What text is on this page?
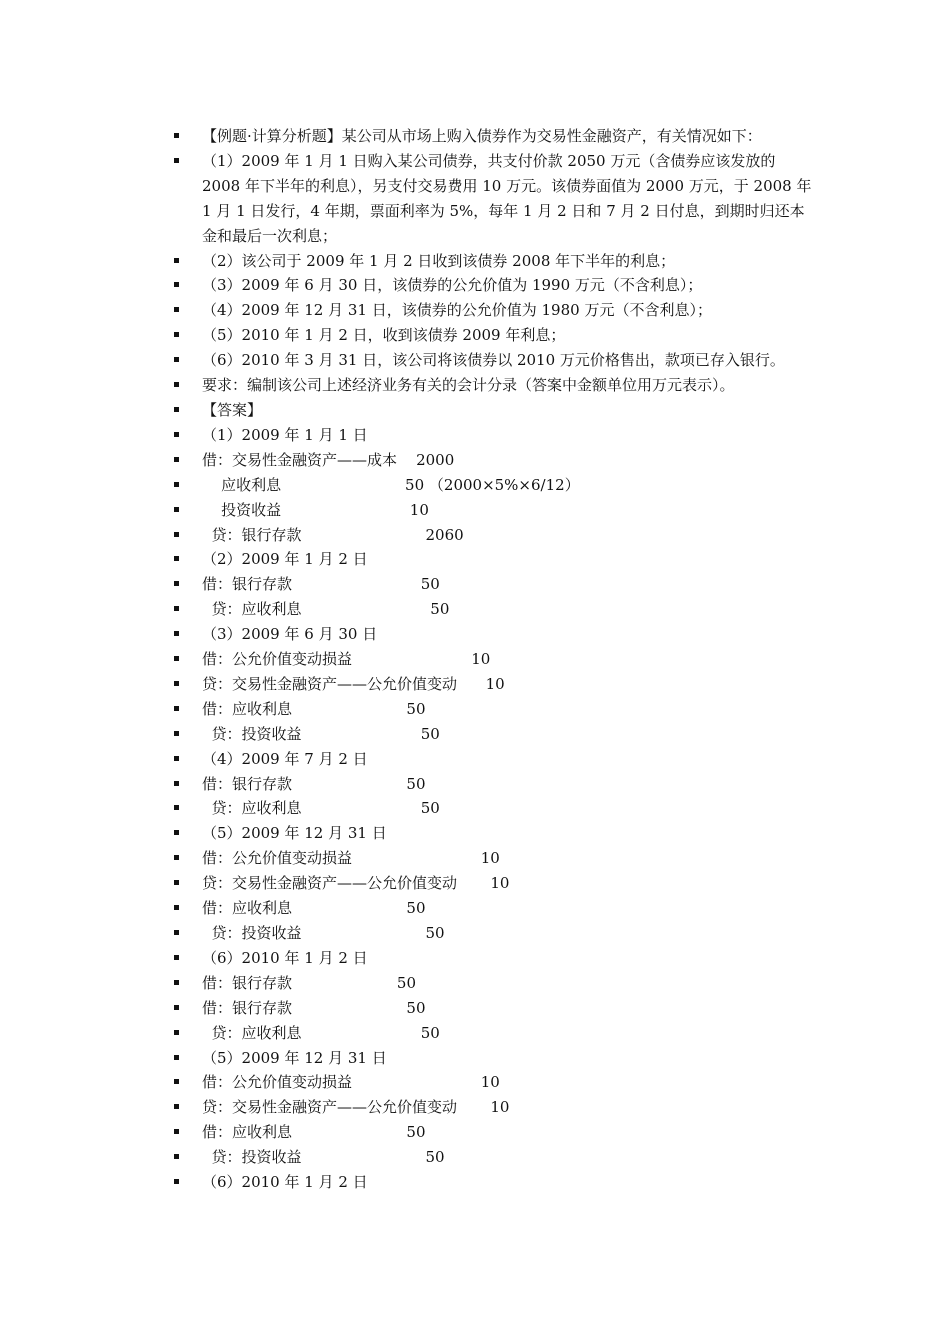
【例题·计算分析题】某公司从市场上购入债券作为交易性金融资产，有关情况如下：
（1）2009 年 1 月 1 日购入某公司债券，共支付价款 2050 万元（含债券应该发放的 2008 年下半年的利息），另支付交易费用 10 万元。该债券面值为 2000 万元，于 2008 年 1 月 1 日发行，4 年期，票面利率为 5%，每年 1 月 2 日和 7 月 2 日付息，到期时归还本金和最后一次利息；
（2）该公司于 2009 年 1 月 2 日收到该债券 2008 年下半年的利息；
（3）2009 年 6 月 30 日，该债券的公允价值为 1990 万元（不含利息）；
（4）2009 年 12 月 31 日，该债券的公允价值为 1980 万元（不含利息）；
（5）2010 年 1 月 2 日，收到该债券 2009 年利息；
（6）2010 年 3 月 31 日，该公司将该债券以 2010 万元价格售出，款项已存入银行。
要求：编制该公司上述经济业务有关的会计分录（答案中金额单位用万元表示）。
【答案】
（1）2009 年 1 月 1 日
借：交易性金融资产——成本    2000
应收利息                          50 （2000×5%×6/12）
投资收益                           10
贷：银行存款                          2060
（2）2009 年 1 月 2 日
借：银行存款                           50
贷：应收利息                           50
（3）2009 年 6 月 30 日
借：公允价值变动损益                         10
贷：交易性金融资产——公允价值变动      10
借：应收利息                        50
贷：投资收益                         50
（4）2009 年 7 月 2 日
借：银行存款                        50
贷：应收利息                         50
（5）2009 年 12 月 31 日
借：公允价值变动损益                           10
贷：交易性金融资产——公允价值变动       10
借：应收利息                        50
贷：投资收益                          50
（6）2010 年 1 月 2 日
借：银行存款                      50
借：银行存款                        50
贷：应收利息                         50
（5）2009 年 12 月 31 日
借：公允价值变动损益                           10
贷：交易性金融资产——公允价值变动       10
借：应收利息                        50
贷：投资收益                          50
（6）2010 年 1 月 2 日
